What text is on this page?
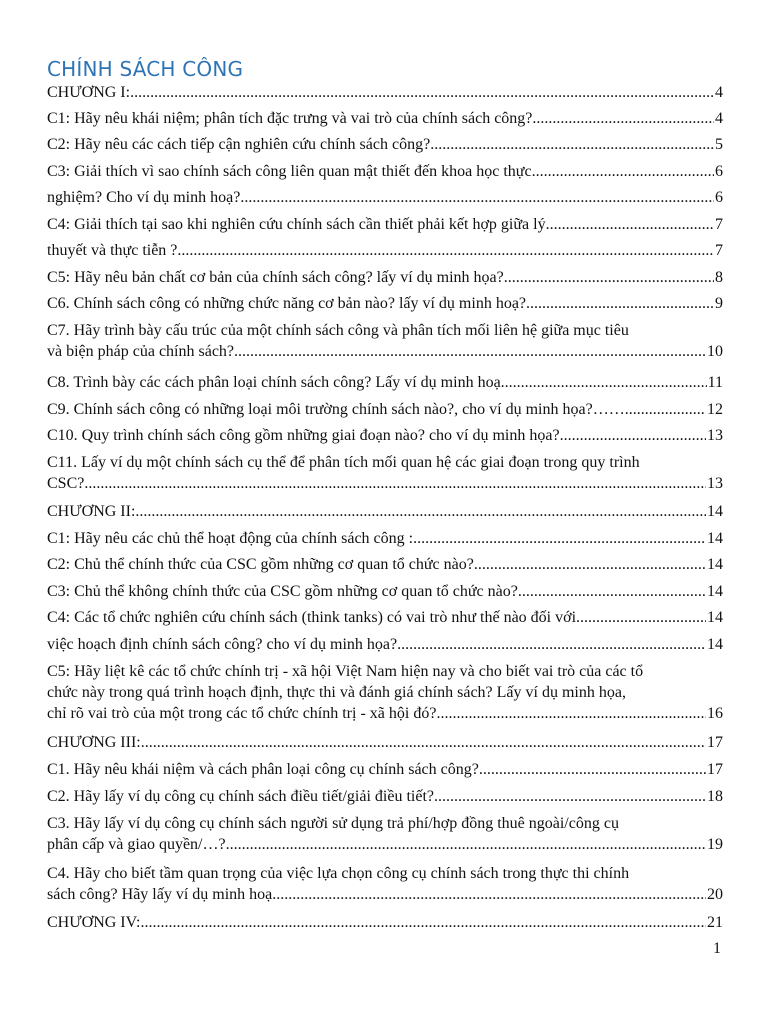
CHÍNH SÁCH CÔNG
CHƯƠNG I: .....	4
C1: Hãy nêu khái niệm; phân tích đặc trưng và vai trò của chính sách công? .....	4
C2: Hãy nêu các cách tiếp cận nghiên cứu chính sách công? .....	5
C3: Giải thích vì sao chính sách công liên quan mật thiết đến khoa học thực .....	6
nghiệm? Cho ví dụ minh hoạ? .....	6
C4: Giải thích tại sao khi nghiên cứu chính sách cần thiết phải kết hợp giữa lý .....	7
thuyết và thực tiễn ? .....	7
C5: Hãy nêu bản chất cơ bản của chính sách công? lấy ví dụ minh họa? .....	8
C6. Chính sách công có những chức năng cơ bản nào? lấy ví dụ minh hoạ? .....	9
C7. Hãy trình bày cấu trúc của một chính sách công và phân tích mối liên hệ giữa mục tiêu
và biện pháp của chính sách? .....	10
C8. Trình bày các cách phân loại chính sách công? Lấy ví dụ minh hoạ .....	11
C9. Chính sách công có những loại môi trường chính sách nào?, cho ví dụ minh họa?…… .....	12
C10. Quy trình chính sách công gồm những giai đoạn nào? cho ví dụ minh họa? .....	13
C11. Lấy ví dụ một chính sách cụ thể để phân tích mối quan hệ các giai đoạn trong quy trình
CSC? .....	13
CHƯƠNG II: .....	14
C1: Hãy nêu các chủ thể hoạt động của chính sách công : .....	14
C2: Chủ thể chính thức của CSC gồm những cơ quan tổ chức nào? .....	14
C3: Chủ thể không chính thức của CSC gồm những cơ quan tổ chức nào? .....	14
C4: Các tổ chức nghiên cứu chính sách (think tanks) có vai trò như thế nào đối với .....	14
việc hoạch định chính sách công? cho ví dụ minh họa? .....	14
C5: Hãy liệt kê các tổ chức chính trị - xã hội Việt Nam hiện nay và cho biết vai trò của các tổ
chức này trong quá trình hoạch định, thực thi và đánh giá chính sách? Lấy ví dụ minh họa,
chỉ rõ vai trò của một trong các tổ chức chính trị - xã hội đó? .....	16
CHƯƠNG III: .....	17
C1. Hãy nêu khái niệm và cách phân loại công cụ chính sách công? .....	17
C2. Hãy lấy ví dụ công cụ chính sách điều tiết/giải điều tiết? .....	18
C3. Hãy lấy ví dụ công cụ chính sách người sử dụng trả phí/hợp đồng thuê ngoài/công cụ
phân cấp và giao quyền/…? .....	19
C4. Hãy cho biết tầm quan trọng của việc lựa chọn công cụ chính sách trong thực thi chính
sách công? Hãy lấy ví dụ minh hoạ .....	20
CHƯƠNG IV: .....	21
1
